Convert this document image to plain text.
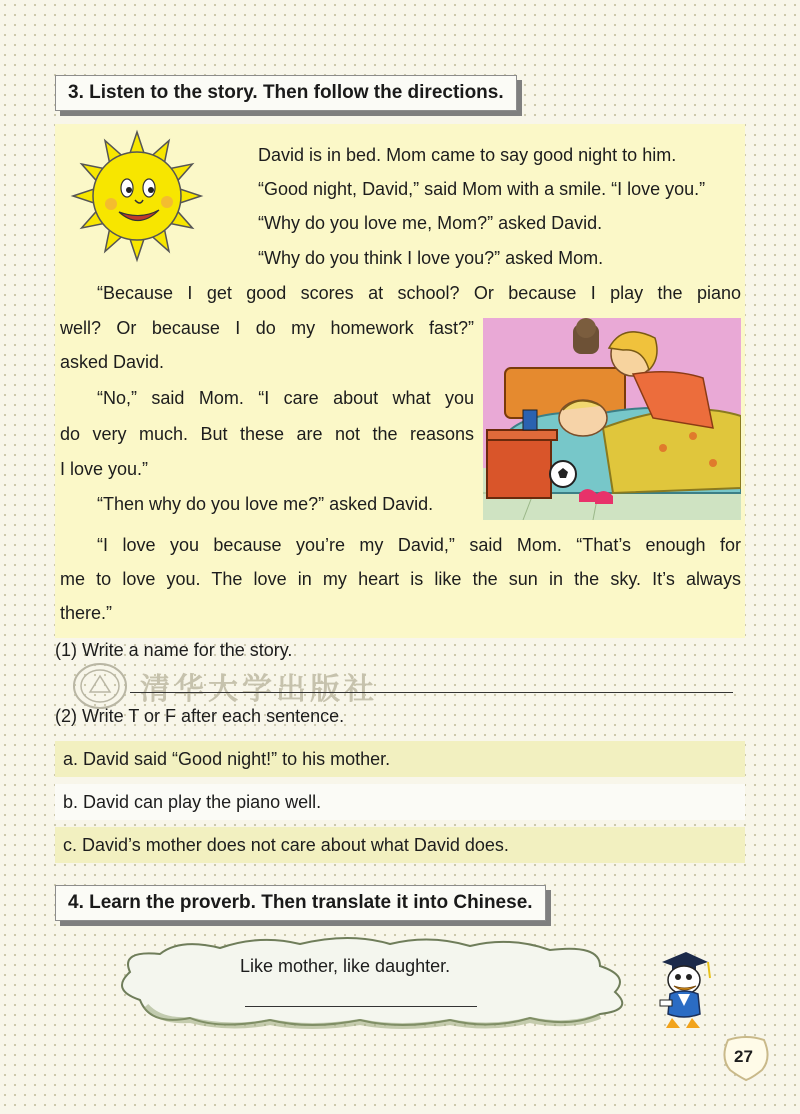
3. Listen to the story. Then follow the directions.
David is in bed. Mom came to say good night to him.
“Good night, David,” said Mom with a smile. “I love you.”
“Why do you love me, Mom?” asked David.
“Why do you think I love you?” asked Mom.
“Because I get good scores at school? Or because I play the piano
well? Or because I do my homework fast?”
asked David.
“No,” said Mom. “I care about what you
do very much. But these are not the reasons
I love you.”
“Then why do you love me?” asked David.
“I love you because you’re my David,” said Mom. “That’s enough for
me to love you. The love in my heart is like the sun in the sky. It’s always
there.”
(1) Write a name for the story.
清华大学出版社
(2) Write T or F after each sentence.
a. David said “Good night!” to his mother.
b. David can play the piano well.
c. David’s mother does not care about what David does.
4. Learn the proverb. Then translate it into Chinese.
Like mother, like daughter.
27
